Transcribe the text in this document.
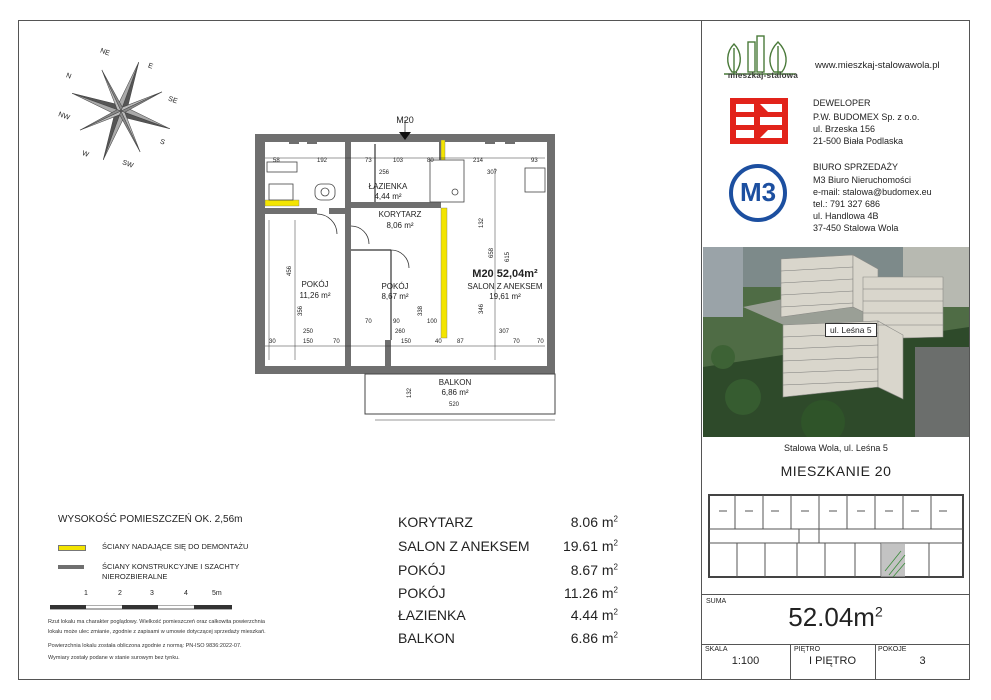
mieszkaj-stalowa
www.mieszkaj-stalowawola.pl
DEWELOPER
P.W. BUDOMEX Sp. z o.o.
ul. Brzeska 156
21-500 Biała Podlaska
M3
BIURO SPRZEDAŻY
M3 Biuro Nieruchomości
e-mail: stalowa@budomex.eu
tel.: 791 327 686
ul. Handlowa 4B
37-450 Stalowa Wola
ul. Leśna 5
Stalowa Wola, ul. Leśna 5
MIESZKANIE 20
SUMA
$52.04m^2$
SKALA
1:100
PIĘTRO
I PIĘTRO
POKOJE
3
N
NE
E
SE
S
SW
W
NW	M20
ŁAZIENKA
4,44 m²
KORYTARZ
8,06 m²
POKÓJ
11,26 m²
POKÓJ
8,67 m²
M20 52,04m²
SALON Z ANEKSEM
19,61 m²
BALKON
6,86 m²
58	192	73	103	80	214	93
256	307
456
356	338	346
658 615
132
132
250	260	307
30	150	70	150	40	87	70
70	90	100
70
520
WYSOKOŚĆ POMIESZCZEŃ OK. 2,56m
ŚCIANY NADAJĄCE SIĘ DO DEMONTAŻU
ŚCIANY KONSTRUKCYJNE I SZACHTY
NIEROZBIERALNE
1	2	3	4	5m
Rzut lokalu ma charakter poglądowy. Wielkość pomieszczeń oraz całkowita powierzchnia
lokalu może ulec zmianie, zgodnie z zapisami w umowie dotyczącej sprzedaży mieszkań.
Powierzchnia lokalu została obliczona zgodnie z normą: PN-ISO 9836:2022-07.
Wymiary zostały podane w stanie surowym bez tynku.
KORYTARZ	8.06 $m^2$
SALON Z ANEKSEM 19.61 $m^2$
POKÓJ	8.67 $m^2$
POKÓJ	11.26 $m^2$
ŁAZIENKA	4.44 $m^2$
BALKON	6.86 $m^2$
